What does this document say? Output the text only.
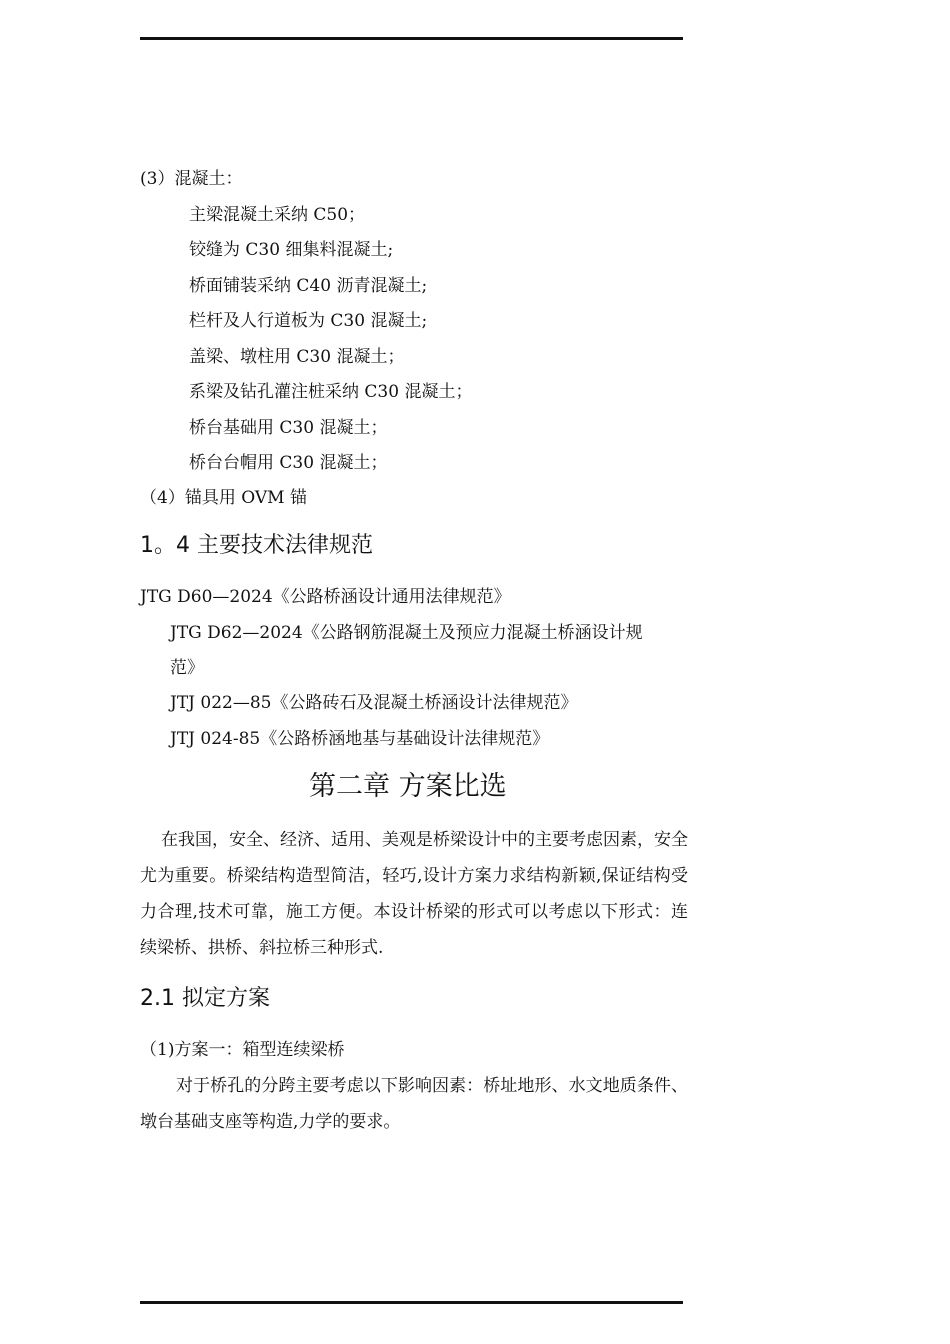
(3）混凝土：
主梁混凝土采纳 C50；
铰缝为 C30 细集料混凝土;
桥面铺装采纳 C40 沥青混凝土;
栏杆及人行道板为 C30 混凝土;
盖梁、墩柱用 C30 混凝土；
系梁及钻孔灌注桩采纳 C30 混凝土；
桥台基础用 C30 混凝土；
桥台台帽用 C30 混凝土；
（4）锚具用 OVM 锚
1。4 主要技术法律规范
JTG D60—2024《公路桥涵设计通用法律规范》
JTG D62—2024《公路钢筋混凝土及预应力混凝土桥涵设计规
范》
JTJ 022—85《公路砖石及混凝土桥涵设计法律规范》
JTJ 024-85《公路桥涵地基与基础设计法律规范》
第二章 方案比选
在我国，安全、经济、适用、美观是桥梁设计中的主要考虑因素，安全尤为重要。桥梁结构造型简洁，轻巧,设计方案力求结构新颖,保证结构受力合理,技术可靠，施工方便。本设计桥梁的形式可以考虑以下形式：连续梁桥、拱桥、斜拉桥三种形式.
2.1 拟定方案
（1)方案一：箱型连续梁桥
对于桥孔的分跨主要考虑以下影响因素：桥址地形、水文地质条件、墩台基础支座等构造,力学的要求。
